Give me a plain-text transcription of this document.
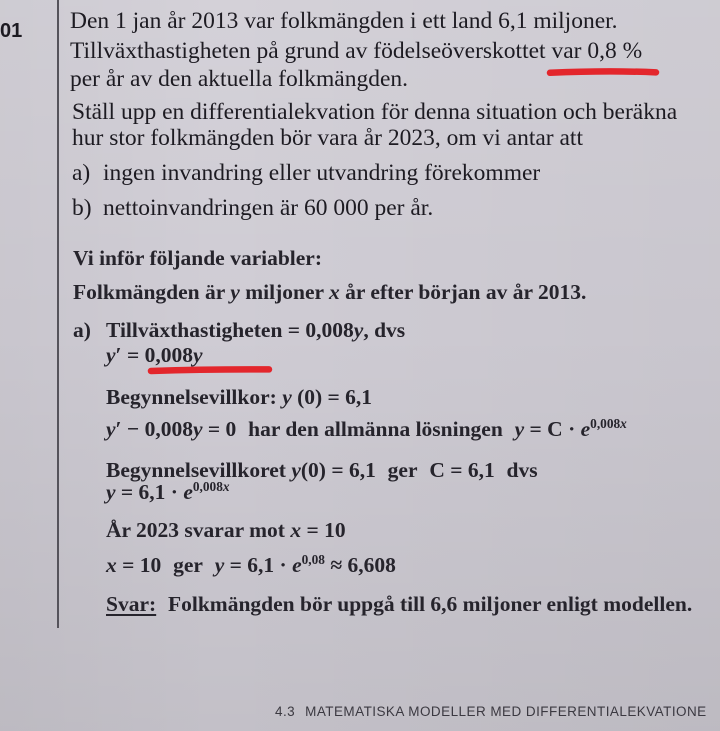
01 Den 1 jan år 2013 var folkmängden i ett land 6,1 miljoner.
Tillväxthastigheten på grund av födelseöverskottet var 0,8 %
per år av den aktuella folkmängden.
Ställ upp en differentialekvation för denna situation och beräkna
hur stor folkmängden bör vara år 2023, om vi antar att
a) ingen invandring eller utvandring förekommer
b) nettoinvandringen är 60 000 per år.
Vi inför följande variabler:
Folkmängden är y miljoner x år efter början av år 2013.
a) Tillväxthastigheten = 0,008y, dvs
y′ = 0,008y
Begynnelsevillkor: y (0) = 6,1
y′ − 0,008y = 0 har den allmänna lösningen $y = C \cdot e^{0,008x}$
Begynnelsevillkoret y(0) = 6,1 ger C = 6,1 dvs
$y = 6,1 \cdot e^{0,008x}$
År 2023 svarar mot x = 10
x = 10 ger $y = 6,1 \cdot e^{0,08} \approx 6,608$
Svar: Folkmängden bör uppgå till 6,6 miljoner enligt modellen.
4.3 MATEMATISKA MODELLER MED DIFFERENTIALEKVATIONE
